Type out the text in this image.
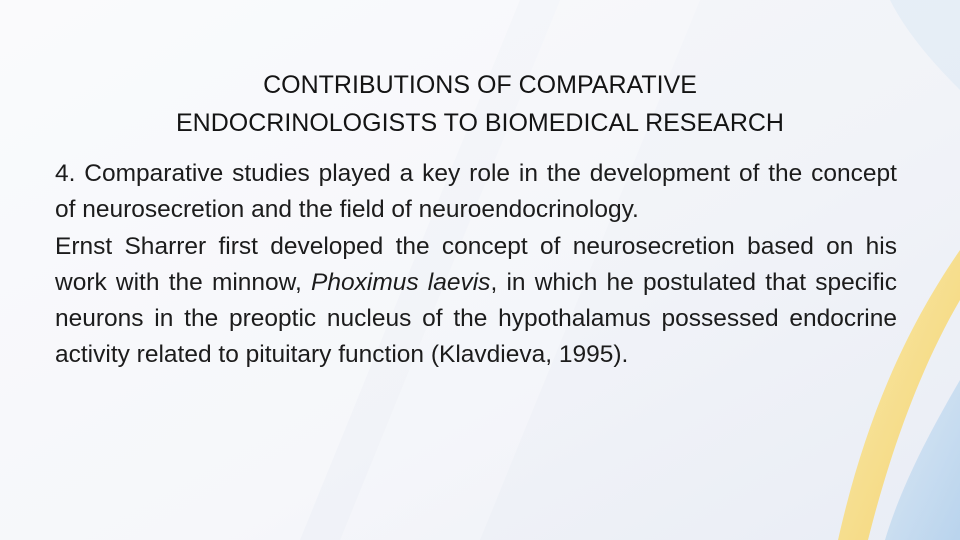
CONTRIBUTIONS OF COMPARATIVE
ENDOCRINOLOGISTS TO BIOMEDICAL RESEARCH

4. Comparative studies played a key role in the development of the concept of neurosecretion and the field of neuroendocrinology.

Ernst Sharrer first developed the concept of neurosecretion based on his work with the minnow, Phoximus laevis, in which he postulated that specific neurons in the preoptic nucleus of the hypothalamus possessed endocrine activity related to pituitary function (Klavdieva, 1995).
